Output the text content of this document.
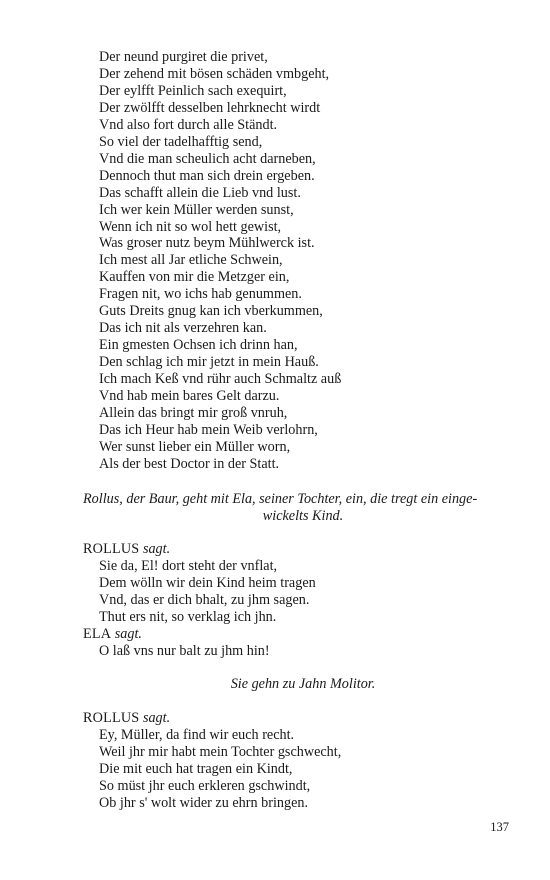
Der neund purgiret die privet,
Der zehend mit bösen schäden vmbgeht,
Der eylfft Peinlich sach exequirt,
Der zwölfft desselben lehrknecht wirdt
Vnd also fort durch alle Ständt.
So viel der tadelhafftig send,
Vnd die man scheulich acht darneben,
Dennoch thut man sich drein ergeben.
Das schafft allein die Lieb vnd lust.
Ich wer kein Müller werden sunst,
Wenn ich nit so wol hett gewist,
Was groser nutz beym Mühlwerck ist.
Ich mest all Jar etliche Schwein,
Kauffen von mir die Metzger ein,
Fragen nit, wo ichs hab genummen.
Guts Dreits gnug kan ich vberkummen,
Das ich nit als verzehren kan.
Ein gmesten Ochsen ich drinn han,
Den schlag ich mir jetzt in mein Hauß.
Ich mach Keß vnd rühr auch Schmaltz auß
Vnd hab mein bares Gelt darzu.
Allein das bringt mir groß vnruh,
Das ich Heur hab mein Weib verlohrn,
Wer sunst lieber ein Müller worn,
Als der best Doctor in der Statt.
Rollus, der Baur, geht mit Ela, seiner Tochter, ein, die tregt ein einge-
wickelts Kind.
ROLLUS sagt.
Sie da, El! dort steht der vnflat,
Dem wölln wir dein Kind heim tragen
Vnd, das er dich bhalt, zu jhm sagen.
Thut ers nit, so verklag ich jhn.
ELA sagt.
O laß vns nur balt zu jhm hin!
Sie gehn zu Jahn Molitor.
ROLLUS sagt.
Ey, Müller, da find wir euch recht.
Weil jhr mir habt mein Tochter gschwecht,
Die mit euch hat tragen ein Kindt,
So müst jhr euch erkleren gschwindt,
Ob jhr s' wolt wider zu ehrn bringen.
137
